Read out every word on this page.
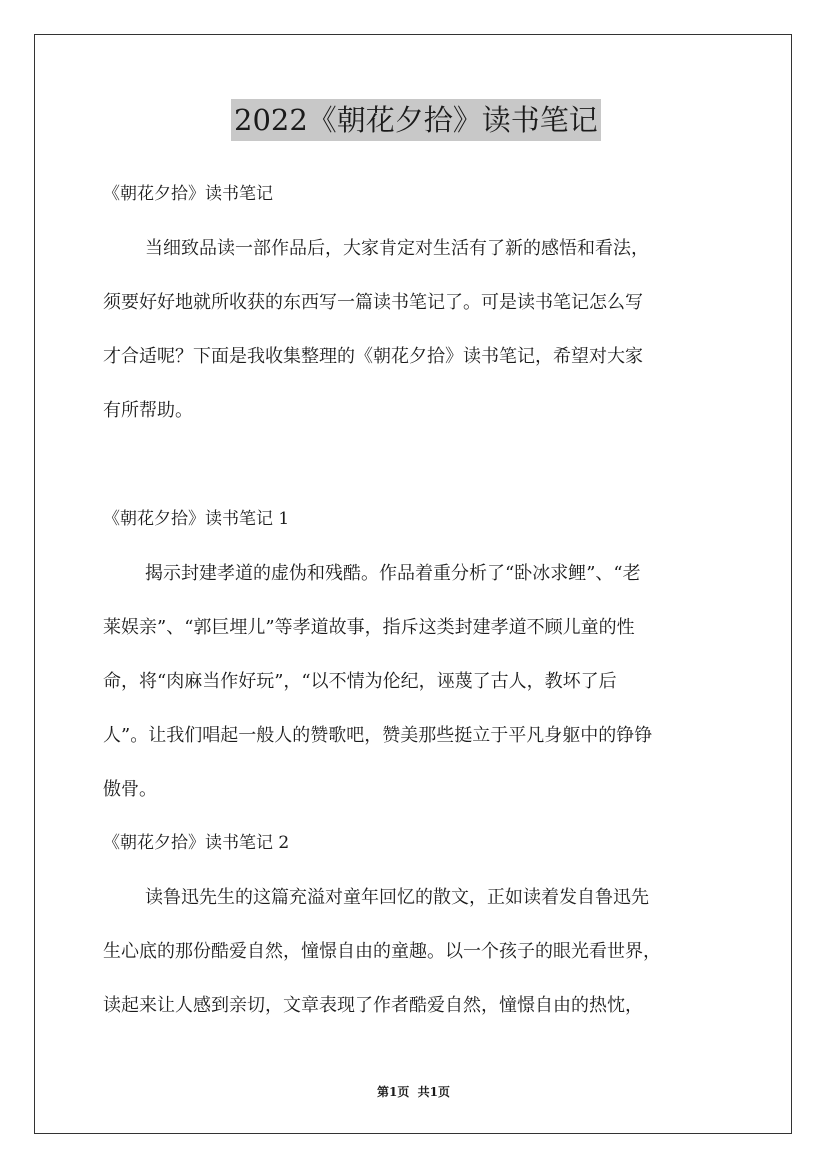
2022《朝花夕拾》读书笔记
《朝花夕拾》读书笔记
当细致品读一部作品后，大家肯定对生活有了新的感悟和看法，
须要好好地就所收获的东西写一篇读书笔记了。可是读书笔记怎么写
才合适呢？下面是我收集整理的《朝花夕拾》读书笔记，希望对大家
有所帮助。
《朝花夕拾》读书笔记 1
揭示封建孝道的虚伪和残酷。作品着重分析了“卧冰求鲤”、“老
莱娱亲”、“郭巨埋儿”等孝道故事，指斥这类封建孝道不顾儿童的性
命，将“肉麻当作好玩”，“以不情为伦纪，诬蔑了古人，教坏了后
人”。让我们唱起一般人的赞歌吧，赞美那些挺立于平凡身躯中的铮铮
傲骨。
《朝花夕拾》读书笔记 2
读鲁迅先生的这篇充溢对童年回忆的散文，正如读着发自鲁迅先
生心底的那份酷爱自然，憧憬自由的童趣。以一个孩子的眼光看世界，
读起来让人感到亲切，文章表现了作者酷爱自然，憧憬自由的热忱，
第1页  共1页
